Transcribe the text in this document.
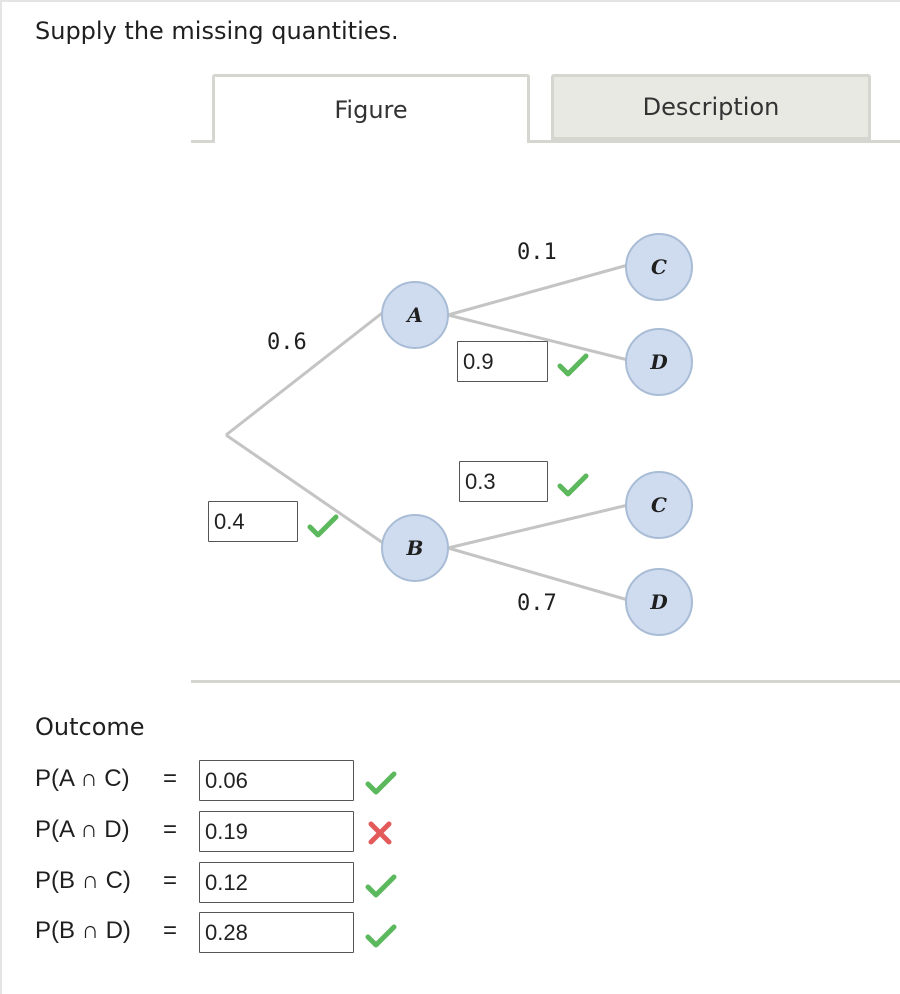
Supply the missing quantities.
Figure	Description
A
B
C
D
C
D
0.6
0.1
0.7
0.4
0.9
0.3
Outcome
P(A ∩ C) =
0.06
P(A ∩ D) =
0.19
P(B ∩ C) =
0.12
P(B ∩ D) =
0.28
